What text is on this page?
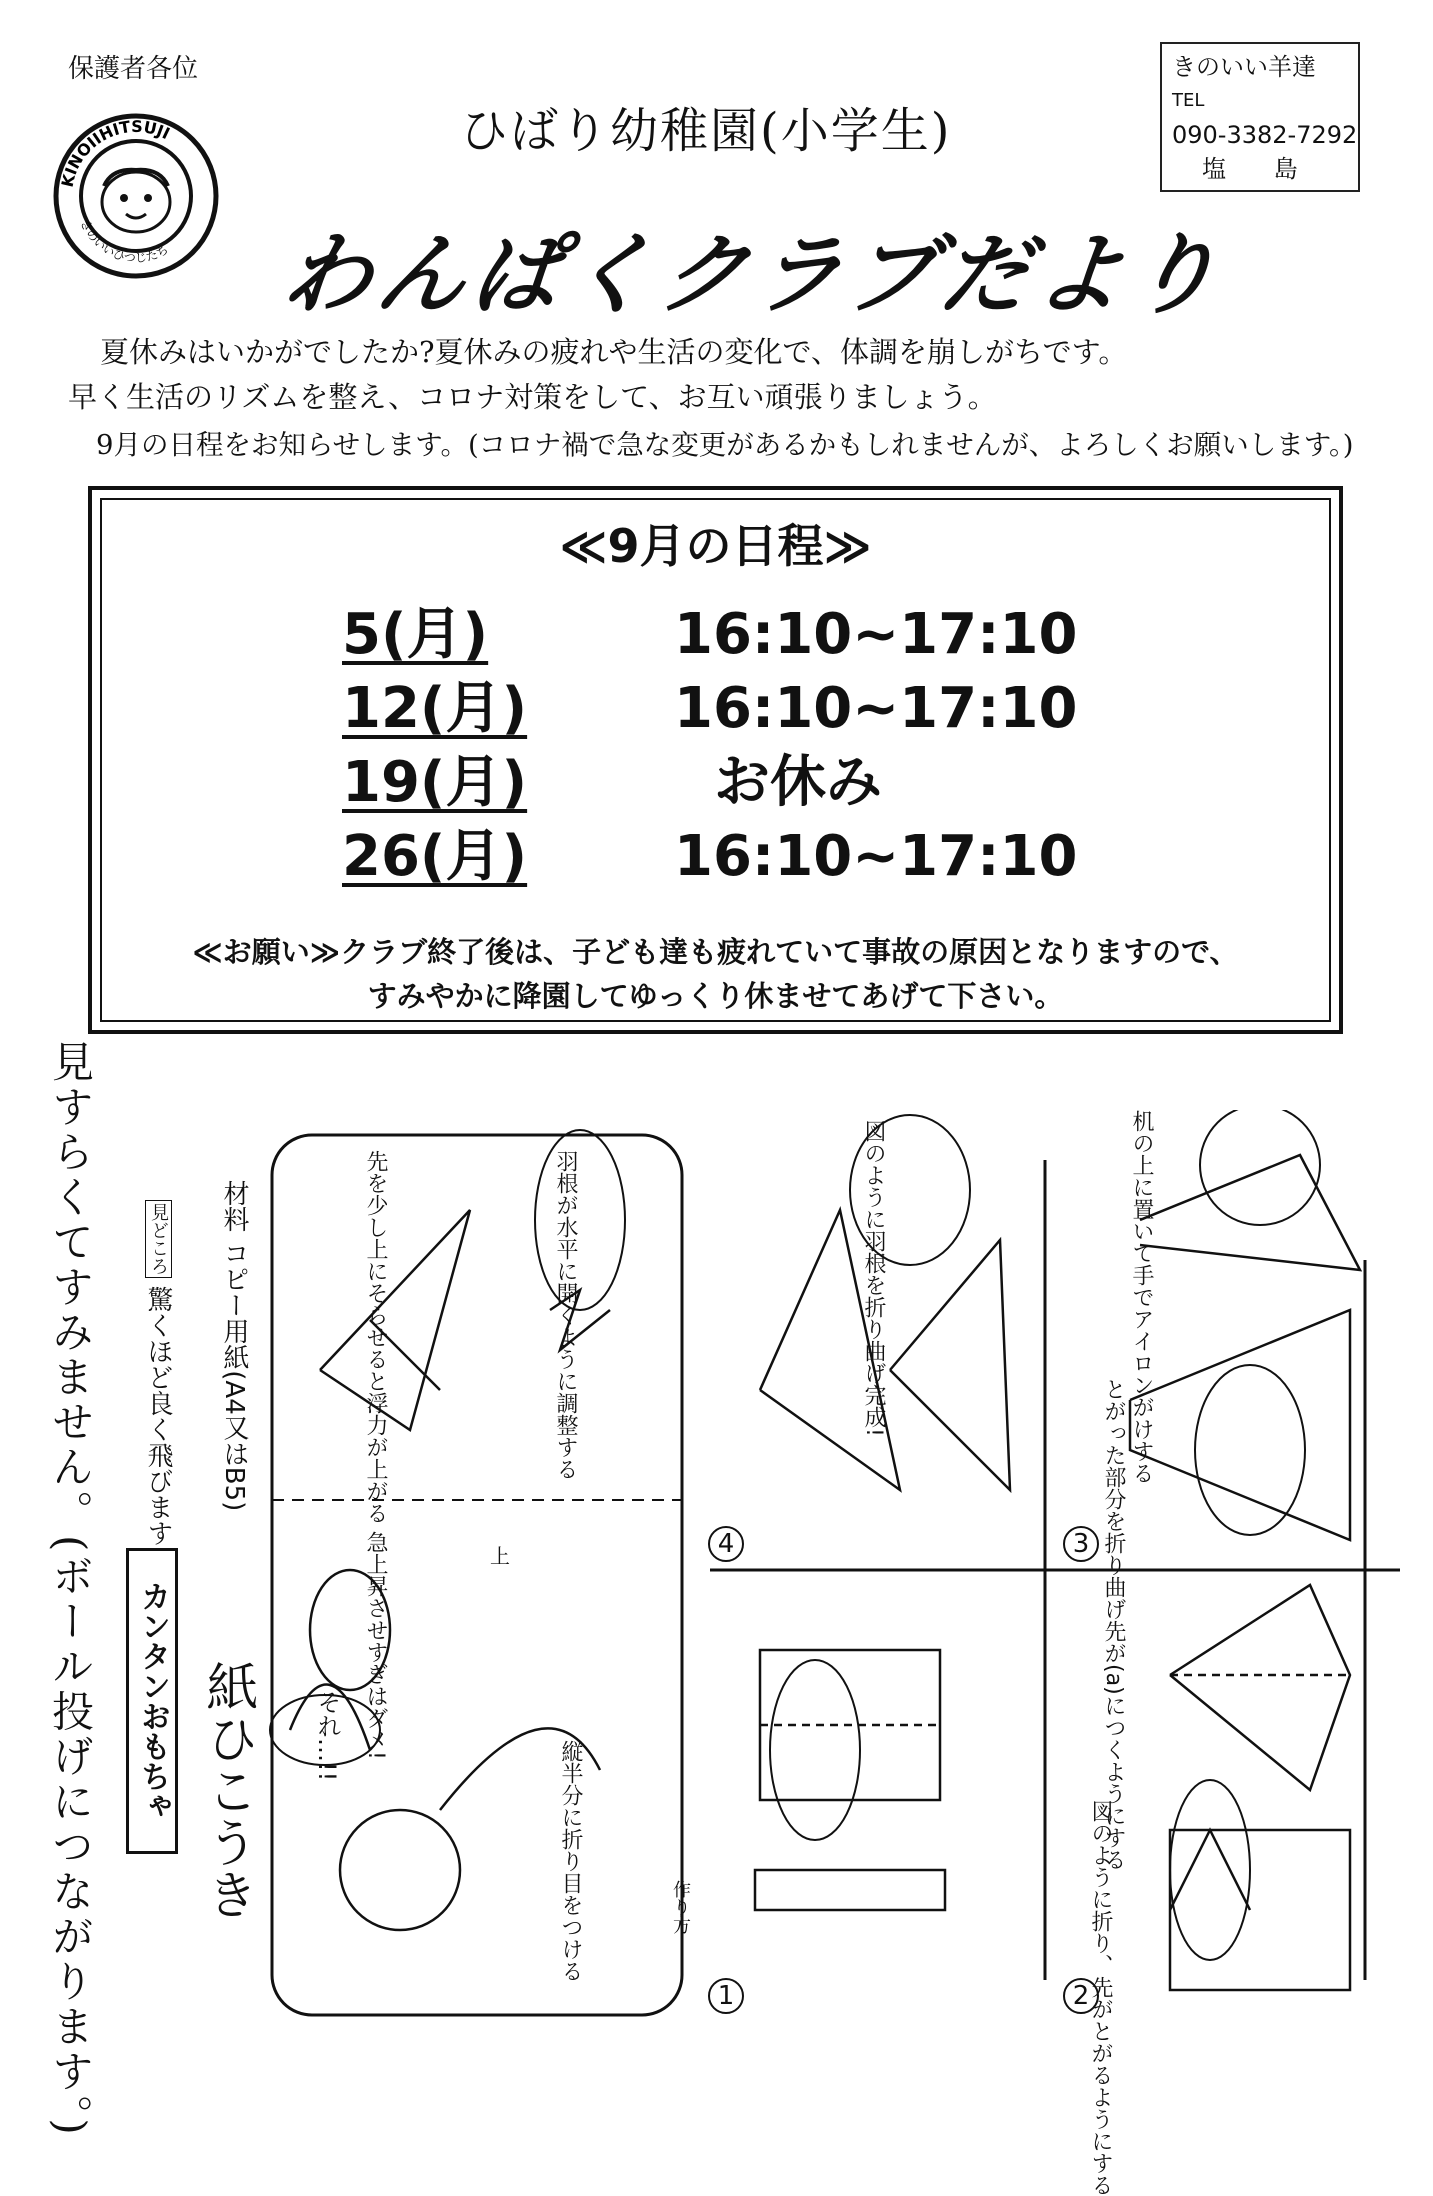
保護者各位	きのいい羊達
TEL
090-3382-7292
塩 島
KINOIIHITSUJI
きのいいひつじたち
ひばり幼稚園(小学生)
わんぱくクラブだより
夏休みはいかがでしたか?夏休みの疲れや生活の変化で、体調を崩しがちです。
早く生活のリズムを整え、コロナ対策をして、お互い頑張りましょう。
9月の日程をお知らせします。(コロナ禍で急な変更があるかもしれませんが、よろしくお願いします。)
≪9月の日程≫
5(月)	16:10~17:10
12(月)	16:10~17:10
19(月)	お休み
26(月)	16:10~17:10
≪お願い≫クラブ終了後は、子ども達も疲れていて事故の原因となりますので、
すみやかに降園してゆっくり休ませてあげて下さい。
見すらくてすみません。(ボール投げにつながります。)	見どころ 驚くほど良く飛びます
材料 コピー用紙(A4又はB5)
カンタンおもちゃ 紙ひこうき	縦半分に折り目をつける	図のように折り、先がとがるようにする
とがった部分を折り曲げ先が(a)につくようにする
机の上に置いて手でアイロンがけする
図のように羽根を折り曲げ完成!
羽根が水平に開くように調整する
先を少し上にそらせると浮力が上がる 急上昇させすぎはダメ!	上
それ…!!
作り方
1	2
3
4
